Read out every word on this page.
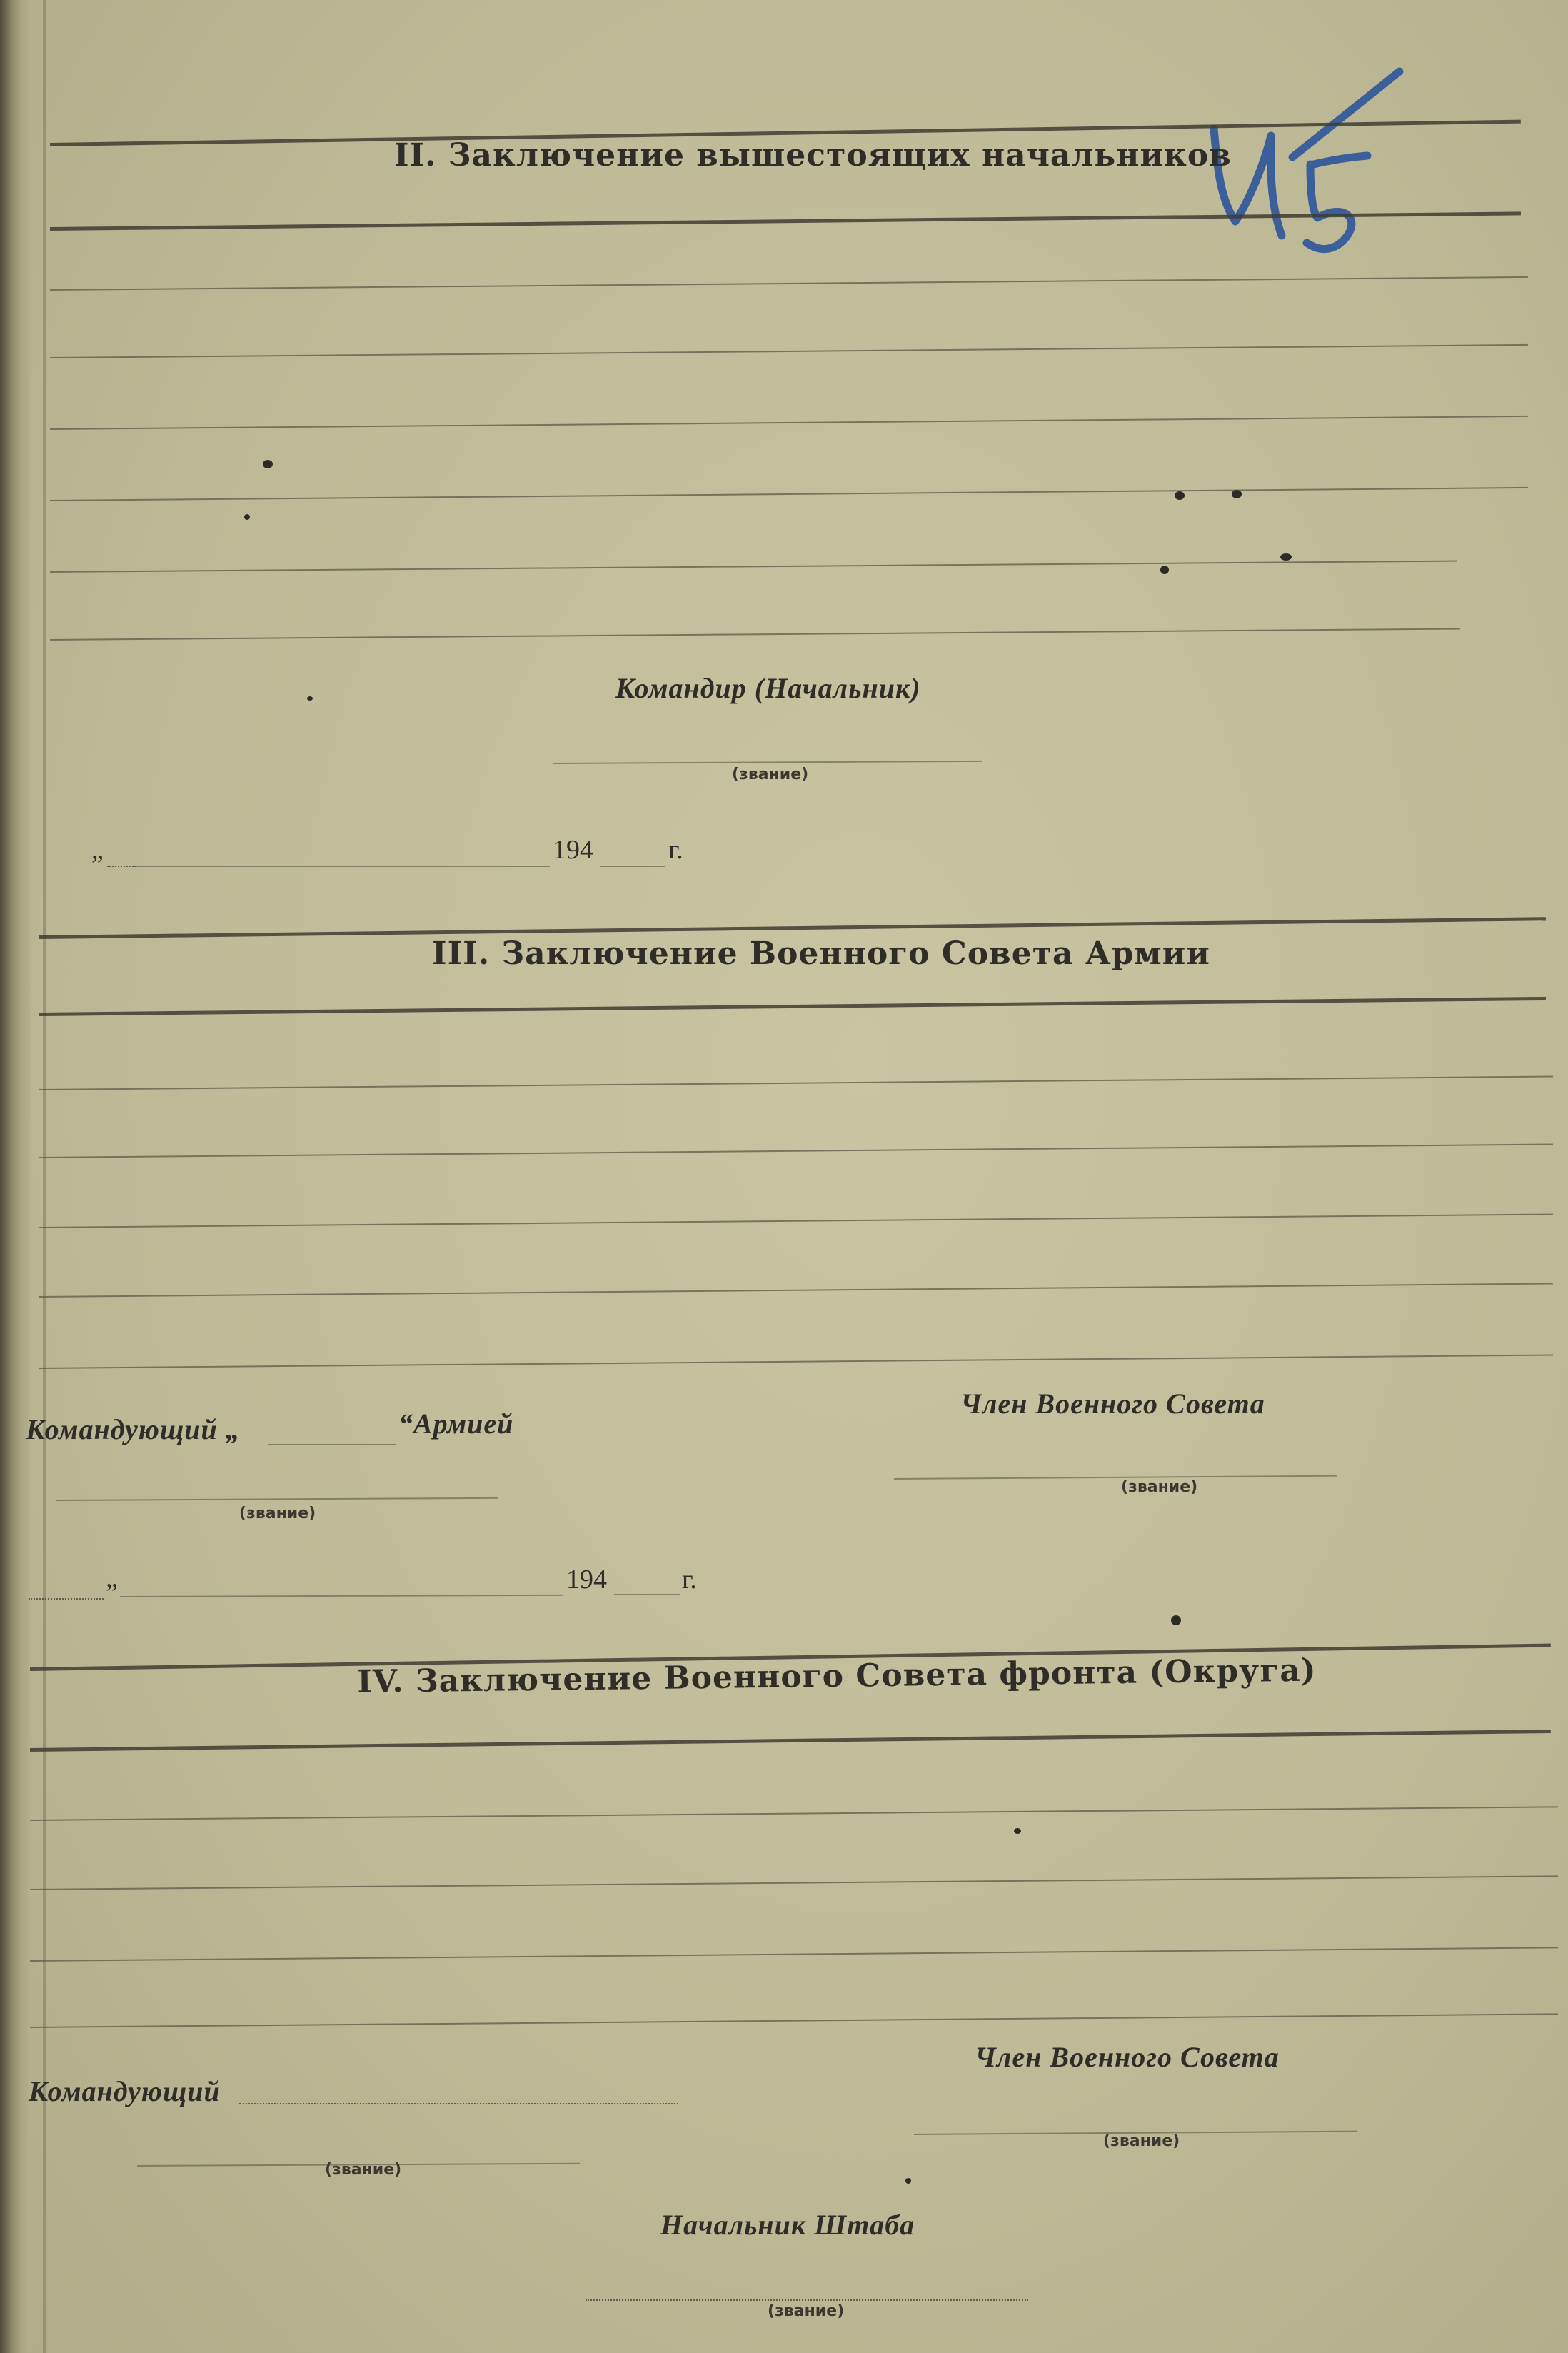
II. Заключение вышестоящих начальников
Командир (Начальник)
(звание)
„	194	г.
III. Заключение Военного Совета Армии
Командующий „	“Армией
(звание)
Член Военного Совета
(звание)
„	194	г.
IV. Заключение Военного Совета фронта (Округа)
Командующий
(звание)
Член Военного Совета
(звание)
Начальник Штаба
(звание)
